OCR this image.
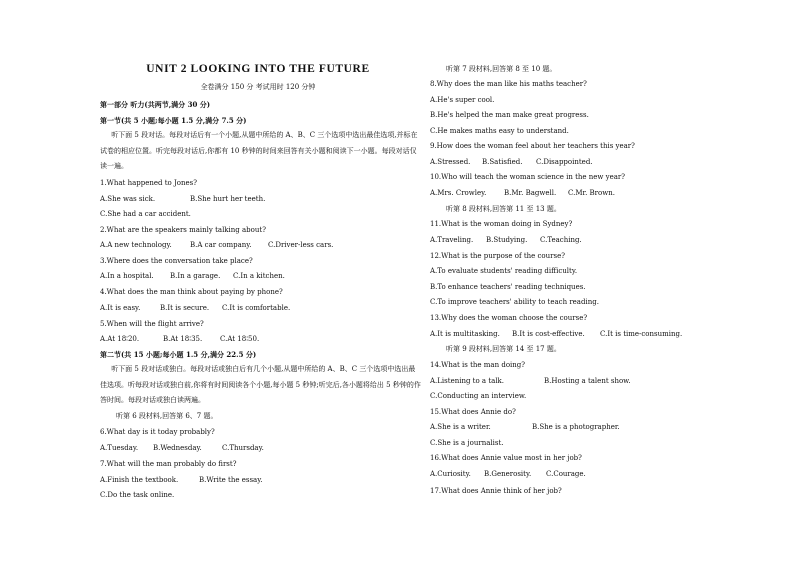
UNIT 2 LOOKING INTO THE FUTURE
全卷满分 150 分 考试用时 120 分钟
第一部分 听力(共两节,满分 30 分)
第一节(共 5 小题;每小题 1.5 分,满分 7.5 分)
听下面 5 段对话。每段对话后有一个小题,从题中所给的 A、B、C 三个选项中选出最佳选项,并标在试卷的相应位置。听完每段对话后,你都有 10 秒钟的时间来回答有关小题和阅读下一小题。每段对话仅读一遍。
1.What happened to Jones?
A.She was sick.	B.She hurt her teeth.
C.She had a car accident.
2.What are the speakers mainly talking about?
A.A new technology.	B.A car company. C.Driver-less cars.
3.Where does the conversation take place?
A.In a hospital. B.In a garage. C.In a kitchen.
4.What does the man think about paying by phone?
A.It is easy.	B.It is secure. C.It is comfortable.
5.When will the flight arrive?
A.At 18∶20.	B.At 18∶35.	C.At 18∶50.
第二节(共 15 小题;每小题 1.5 分,满分 22.5 分)
听下面 5 段对话或独白。每段对话或独白后有几个小题,从题中所给的 A、B、C 三个选项中选出最佳选项。听每段对话或独白前,你将有时间阅读各个小题,每小题 5 秒钟;听完后,各小题将给出 5 秒钟的作答时间。每段对话或独白读两遍。
听第 6 段材料,回答第 6、7 题。
6.What day is it today probably?
A.Tuesday. B.Wednesday.	C.Thursday.
7.What will the man probably do first?
A.Finish the textbook.	B.Write the essay.
C.Do the task online.
听第 7 段材料,回答第 8 至 10 题。
8.Why does the man like his maths teacher?
A.He's super cool.
B.He's helped the man make great progress.
C.He makes maths easy to understand.
9.How does the woman feel about her teachers this year?
A.Stressed. B.Satisfied. C.Disappointed.
10.Who will teach the woman science in the new year?
A.Mrs. Crowley.	B.Mr. Bagwell. C.Mr. Brown.
听第 8 段材料,回答第 11 至 13 题。
11.What is the woman doing in Sydney?
A.Traveling. B.Studying. C.Teaching.
12.What is the purpose of the course?
A.To evaluate students' reading difficulty.
B.To enhance teachers' reading techniques.
C.To improve teachers' ability to teach reading.
13.Why does the woman choose the course?
A.It is multitasking. B.It is cost-effective. C.It is time-consuming.
听第 9 段材料,回答第 14 至 17 题。
14.What is the man doing?
A.Listening to a talk.	B.Hosting a talent show.
C.Conducting an interview.
15.What does Annie do?
A.She is a writer.	B.She is a photographer.
C.She is a journalist.
16.What does Annie value most in her job?
A.Curiosity. B.Generosity. C.Courage.
17.What does Annie think of her job?
